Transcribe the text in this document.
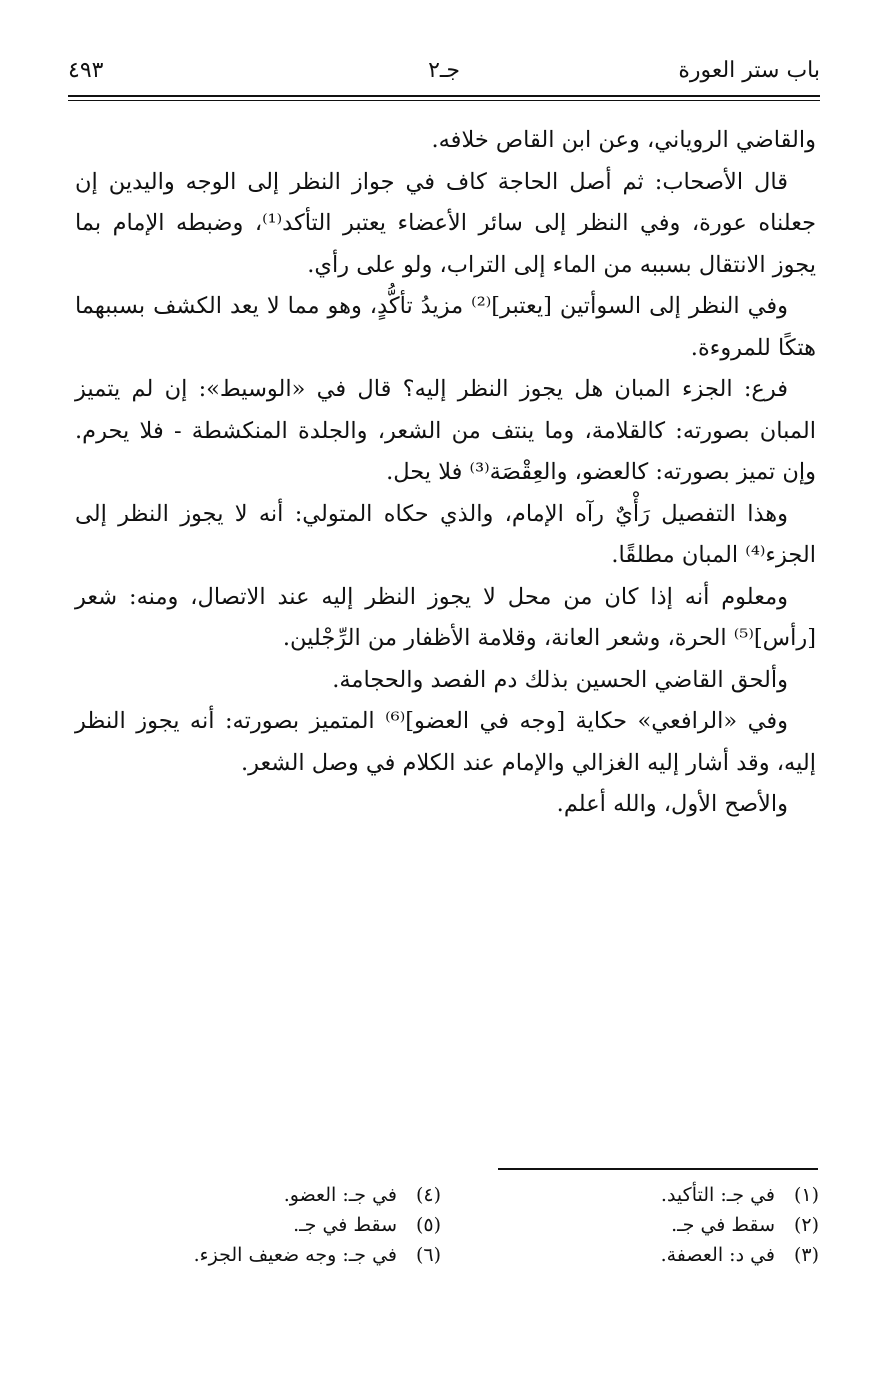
باب ستر العورة
جـ٢
٤٩٣

والقاضي الروياني، وعن ابن القاص خلافه.

قال الأصحاب: ثم أصل الحاجة كاف في جواز النظر إلى الوجه واليدين إن جعلناه عورة، وفي النظر إلى سائر الأعضاء يعتبر التأكد⁽¹⁾، وضبطه الإمام بما يجوز الانتقال بسببه من الماء إلى التراب، ولو على رأي.

وفي النظر إلى السوأتين [يعتبر]⁽²⁾ مزيدُ تأكُّدٍ، وهو مما لا يعد الكشف بسببهما هتكًا للمروءة.

فرع: الجزء المبان هل يجوز النظر إليه؟ قال في «الوسيط»: إن لم يتميز المبان بصورته: كالقلامة، وما ينتف من الشعر، والجلدة المنكشطة - فلا يحرم. وإن تميز بصورته: كالعضو، والعِقْصَة⁽³⁾ فلا يحل.

وهذا التفصيل رَأْيٌ رآه الإمام، والذي حكاه المتولي: أنه لا يجوز النظر إلى الجزء⁽⁴⁾ المبان مطلقًا.

ومعلوم أنه إذا كان من محل لا يجوز النظر إليه عند الاتصال، ومنه: شعر [رأس]⁽⁵⁾ الحرة، وشعر العانة، وقلامة الأظفار من الرِّجْلين.

وألحق القاضي الحسين بذلك دم الفصد والحجامة.

وفي «الرافعي» حكاية [وجه في العضو]⁽⁶⁾ المتميز بصورته: أنه يجوز النظر إليه، وقد أشار إليه الغزالي والإمام عند الكلام في وصل الشعر.

والأصح الأول، والله أعلم.

(١)في جـ: التأكيد.
(٢)سقط في جـ.
(٣)في د: العصفة.
(٤)في جـ: العضو.
(٥)سقط في جـ.
(٦)في جـ: وجه ضعيف الجزء.
